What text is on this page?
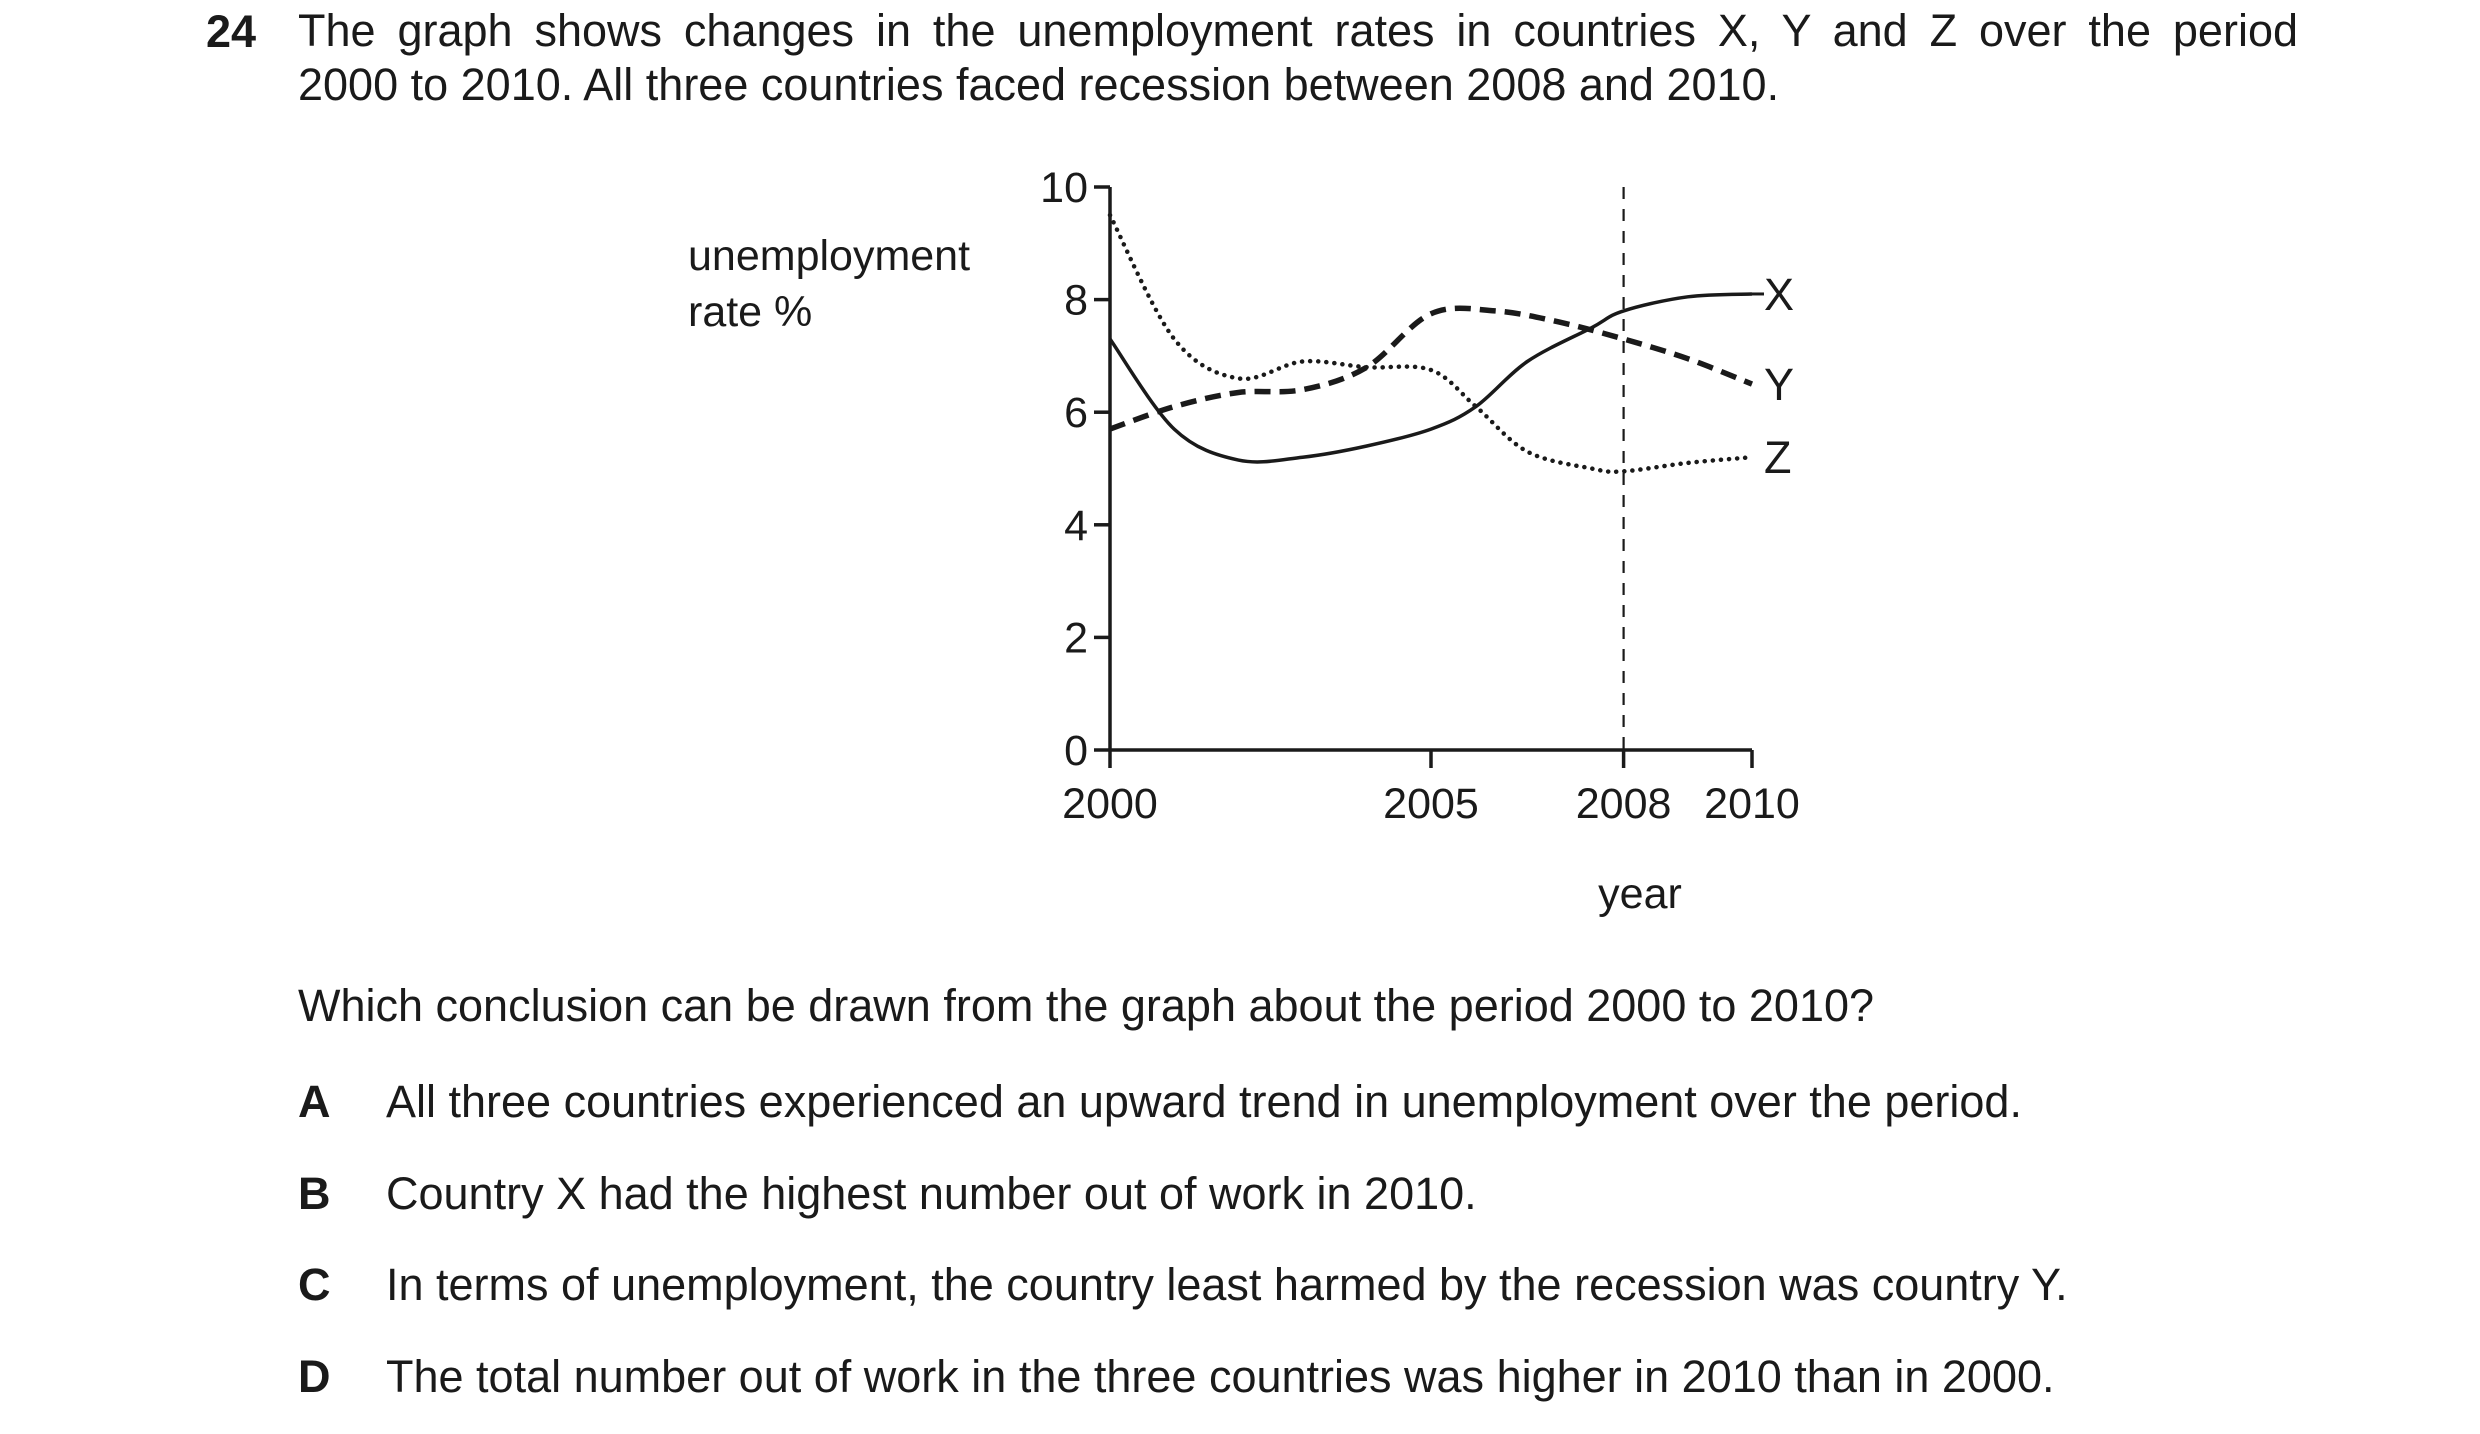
24 The graph shows changes in the unemployment rates in countries X, Y and Z over the period
2000 to 2010. All three countries faced recession between 2008 and 2010.
unemployment
rate %
0
2
4
6
8
10
2000	2005 2008 2010
year
X
Y
Z
Which conclusion can be drawn from the graph about the period 2000 to 2010?
A All three countries experienced an upward trend in unemployment over the period.
B Country X had the highest number out of work in 2010.
C In terms of unemployment, the country least harmed by the recession was country Y.
D The total number out of work in the three countries was higher in 2010 than in 2000.
